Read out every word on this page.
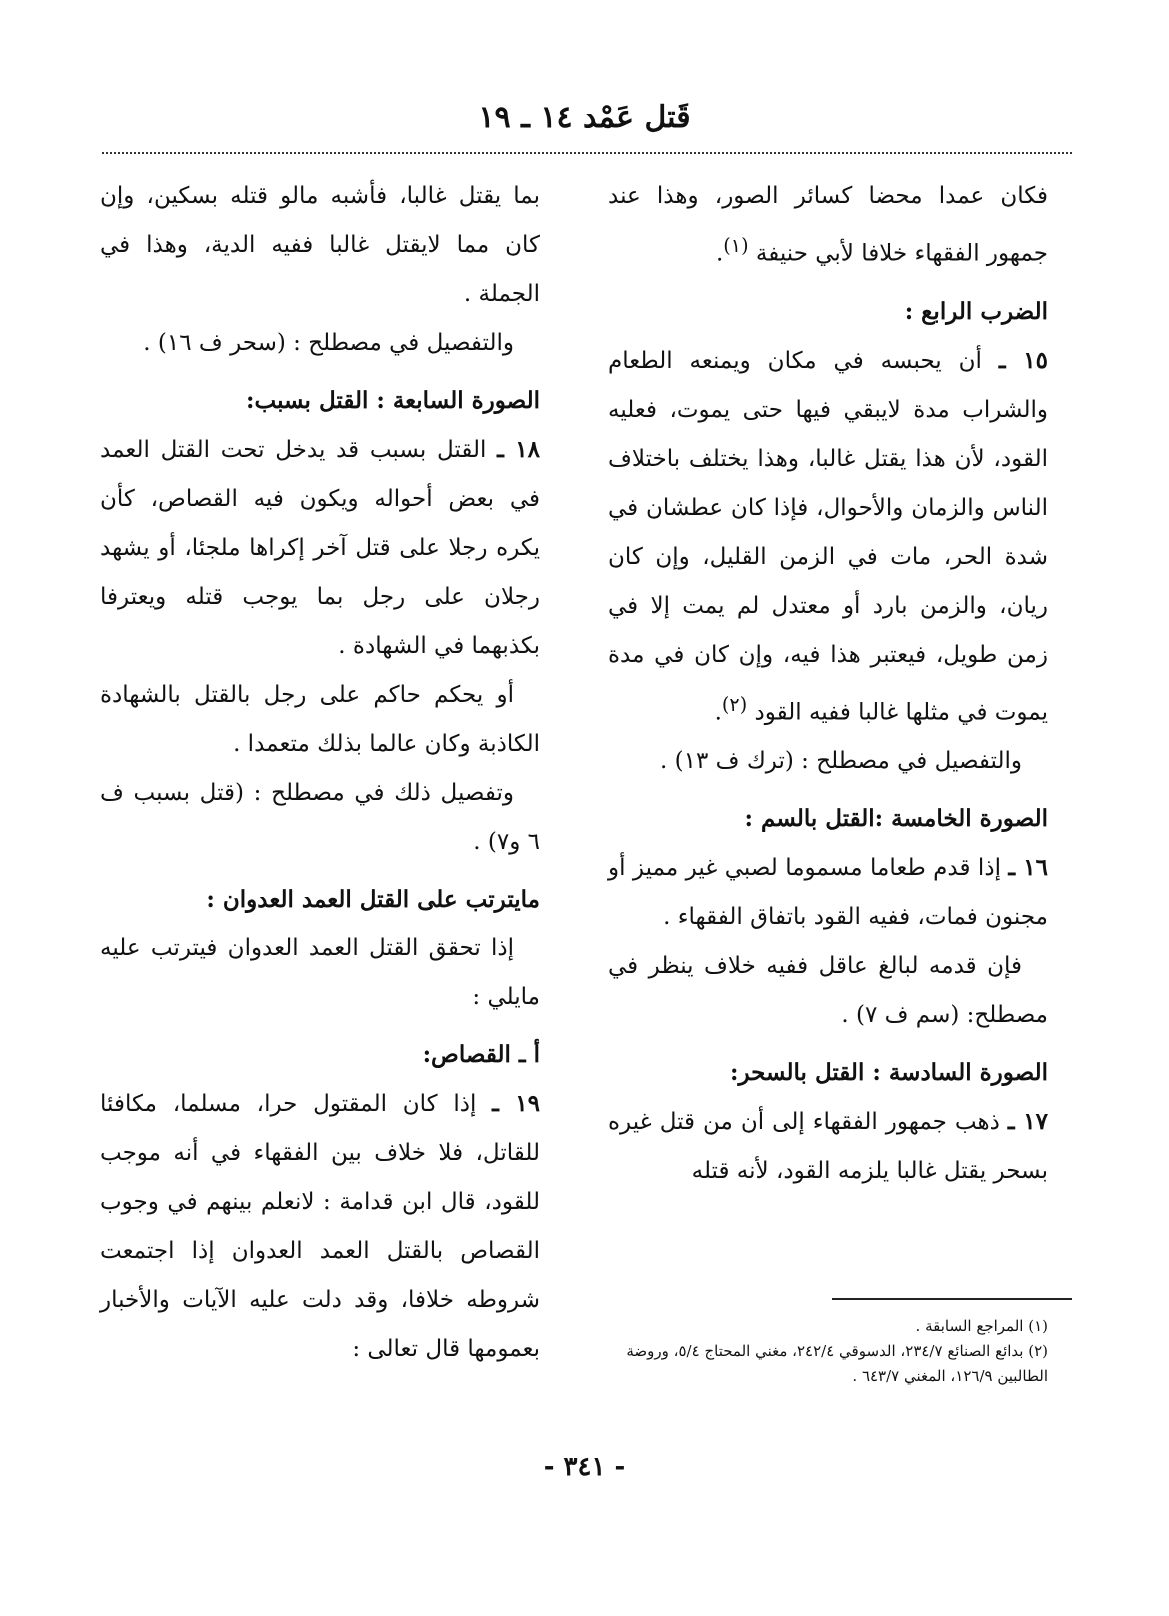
قَتل عَمْد ١٤ ـ ١٩

فكان عمدا محضا كسائر الصور، وهذا عند جمهور الفقهاء خلافا لأبي حنيفة $^{(١)}$.

الضرب الرابع :

١٥ ـ أن يحبسه في مكان ويمنعه الطعام والشراب مدة لايبقي فيها حتى يموت، فعليه القود، لأن هذا يقتل غالبا، وهذا يختلف باختلاف الناس والزمان والأحوال، فإذا كان عطشان في شدة الحر، مات في الزمن القليل، وإن كان ريان، والزمن بارد أو معتدل لم يمت إلا في زمن طويل، فيعتبر هذا فيه، وإن كان في مدة يموت في مثلها غالبا ففيه القود $^{(٢)}$.

والتفصيل في مصطلح : (ترك ف ١٣) .

الصورة الخامسة :القتل بالسم :

١٦ ـ إذا قدم طعاما مسموما لصبي غير مميز أو مجنون فمات، ففيه القود باتفاق الفقهاء .

فإن قدمه لبالغ عاقل ففيه خلاف ينظر في مصطلح: (سم ف ٧) .

الصورة السادسة : القتل بالسحر:

١٧ ـ ذهب جمهور الفقهاء إلى أن من قتل غيره بسحر يقتل غالبا يلزمه القود، لأنه قتله

بما يقتل غالبا، فأشبه مالو قتله بسكين، وإن كان مما لايقتل غالبا ففيه الدية، وهذا في الجملة .

والتفصيل في مصطلح : (سحر ف ١٦) .

الصورة السابعة : القتل بسبب:

١٨ ـ القتل بسبب قد يدخل تحت القتل العمد في بعض أحواله ويكون فيه القصاص، كأن يكره رجلا على قتل آخر إكراها ملجئا، أو يشهد رجلان على رجل بما يوجب قتله ويعترفا بكذبهما في الشهادة .

أو يحكم حاكم على رجل بالقتل بالشهادة الكاذبة وكان عالما بذلك متعمدا .

وتفصيل ذلك في مصطلح : (قتل بسبب ف ٦ و٧) .

مايترتب على القتل العمد العدوان :

إذا تحقق القتل العمد العدوان فيترتب عليه مايلي :

أ ـ القصاص:

١٩ ـ إذا كان المقتول حرا، مسلما، مكافئا للقاتل، فلا خلاف بين الفقهاء في أنه موجب للقود، قال ابن قدامة : لانعلم بينهم في وجوب القصاص بالقتل العمد العدوان إذا اجتمعت شروطه خلافا، وقد دلت عليه الآيات والأخبار بعمومها قال تعالى :

(١) المراجع السابقة .

(٢) بدائع الصنائع ٢٣٤/٧، الدسوقي ٢٤٢/٤، مغني المحتاج ٥/٤، وروضة الطالبين ١٢٦/٩، المغني ٦٤٣/٧ .

- ٣٤١ -
